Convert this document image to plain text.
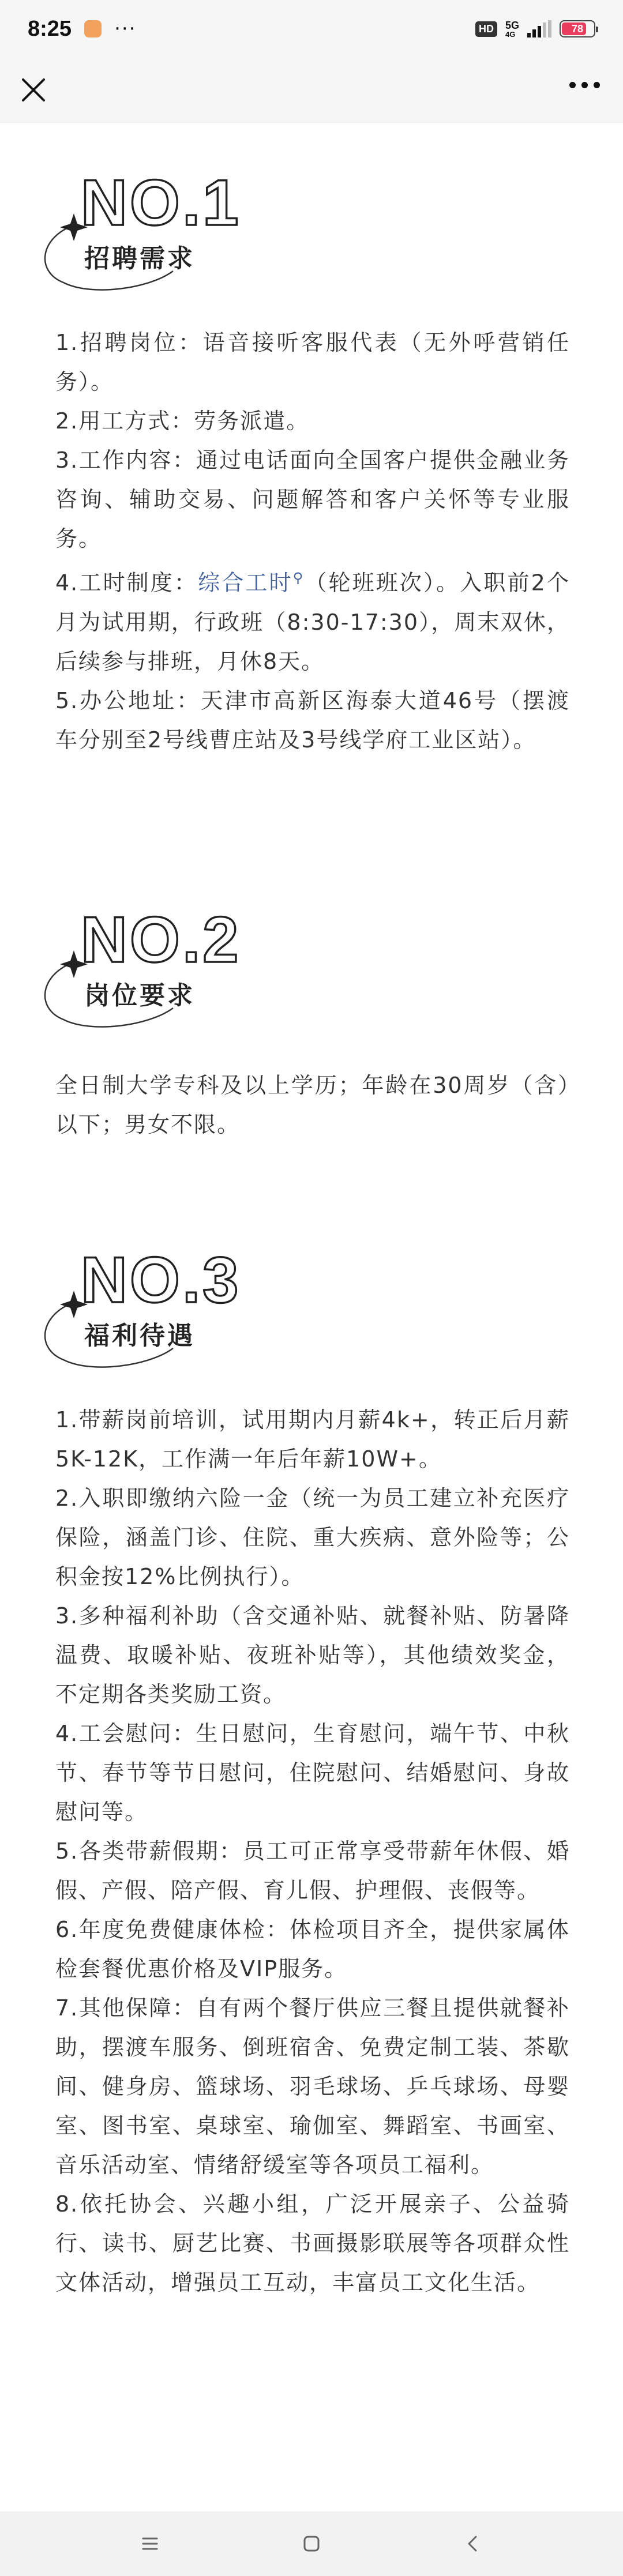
8:25 ···	HD	5G
4G	78
NO.1
招聘需求

1.招聘岗位：语音接听客服代表（无外呼营销任务）。

2.用工方式：劳务派遣。

3.工作内容：通过电话面向全国客户提供金融业务咨询、辅助交易、问题解答和客户关怀等专业服务。

4.工时制度：综合工时⚲（轮班班次）。入职前2个月为试用期，行政班（8:30-17:30），周末双休，后续参与排班，月休8天。

5.办公地址：天津市高新区海泰大道46号（摆渡车分别至2号线曹庄站及3号线学府工业区站）。

NO.2
岗位要求

全日制大学专科及以上学历；年龄在30周岁（含）以下；男女不限。

NO.3
福利待遇

1.带薪岗前培训，试用期内月薪4k+，转正后月薪5K-12K，工作满一年后年薪10W+。

2.入职即缴纳六险一金（统一为员工建立补充医疗保险，涵盖门诊、住院、重大疾病、意外险等；公积金按12%比例执行）。

3.多种福利补助（含交通补贴、就餐补贴、防暑降温费、取暖补贴、夜班补贴等），其他绩效奖金，不定期各类奖励工资。

4.工会慰问：生日慰问，生育慰问，端午节、中秋节、春节等节日慰问，住院慰问、结婚慰问、身故慰问等。

5.各类带薪假期：员工可正常享受带薪年休假、婚假、产假、陪产假、育儿假、护理假、丧假等。

6.年度免费健康体检：体检项目齐全，提供家属体检套餐优惠价格及VIP服务。

7.其他保障：自有两个餐厅供应三餐且提供就餐补助，摆渡车服务、倒班宿舍、免费定制工装、茶歇间、健身房、篮球场、羽毛球场、乒乓球场、母婴室、图书室、桌球室、瑜伽室、舞蹈室、书画室、音乐活动室、情绪舒缓室等各项员工福利。

8.依托协会、兴趣小组，广泛开展亲子、公益骑行、读书、厨艺比赛、书画摄影联展等各项群众性文体活动，增强员工互动，丰富员工文化生活。
